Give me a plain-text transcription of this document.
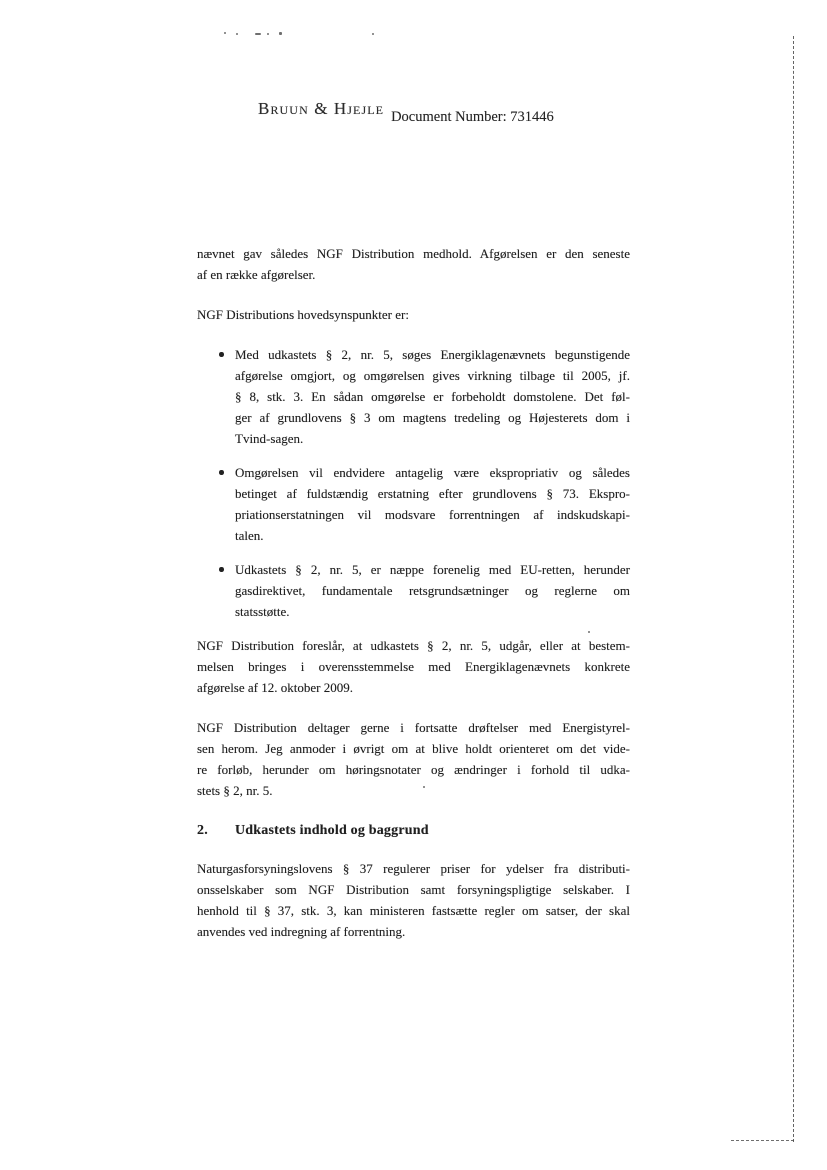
Bruun & Hjejle Document Number: 731446
nævnet gav således NGF Distribution medhold. Afgørelsen er den seneste
af en række afgørelser.
NGF Distributions hovedsynspunkter er:
Med udkastets § 2, nr. 5, søges Energiklagenævnets begunstigende
afgørelse omgjort, og omgørelsen gives virkning tilbage til 2005, jf.
§ 8, stk. 3. En sådan omgørelse er forbeholdt domstolene. Det føl-
ger af grundlovens § 3 om magtens tredeling og Højesterets dom i
Tvind-sagen.
Omgørelsen vil endvidere antagelig være ekspropriativ og således
betinget af fuldstændig erstatning efter grundlovens § 73. Ekspro-
priationserstatningen vil modsvare forrentningen af indskudskapi-
talen.
Udkastets § 2, nr. 5, er næppe forenelig med EU-retten, herunder
gasdirektivet, fundamentale retsgrundsætninger og reglerne om
statsstøtte.
NGF Distribution foreslår, at udkastets § 2, nr. 5, udgår, eller at bestem-
melsen bringes i overensstemmelse med Energiklagenævnets konkrete
afgørelse af 12. oktober 2009.
NGF Distribution deltager gerne i fortsatte drøftelser med Energistyrel-
sen herom. Jeg anmoder i øvrigt om at blive holdt orienteret om det vide-
re forløb, herunder om høringsnotater og ændringer i forhold til udka-
stets § 2, nr. 5.
2.	Udkastets indhold og baggrund
Naturgasforsyningslovens § 37 regulerer priser for ydelser fra distributi-
onsselskaber som NGF Distribution samt forsyningspligtige selskaber. I
henhold til § 37, stk. 3, kan ministeren fastsætte regler om satser, der skal
anvendes ved indregning af forrentning.
